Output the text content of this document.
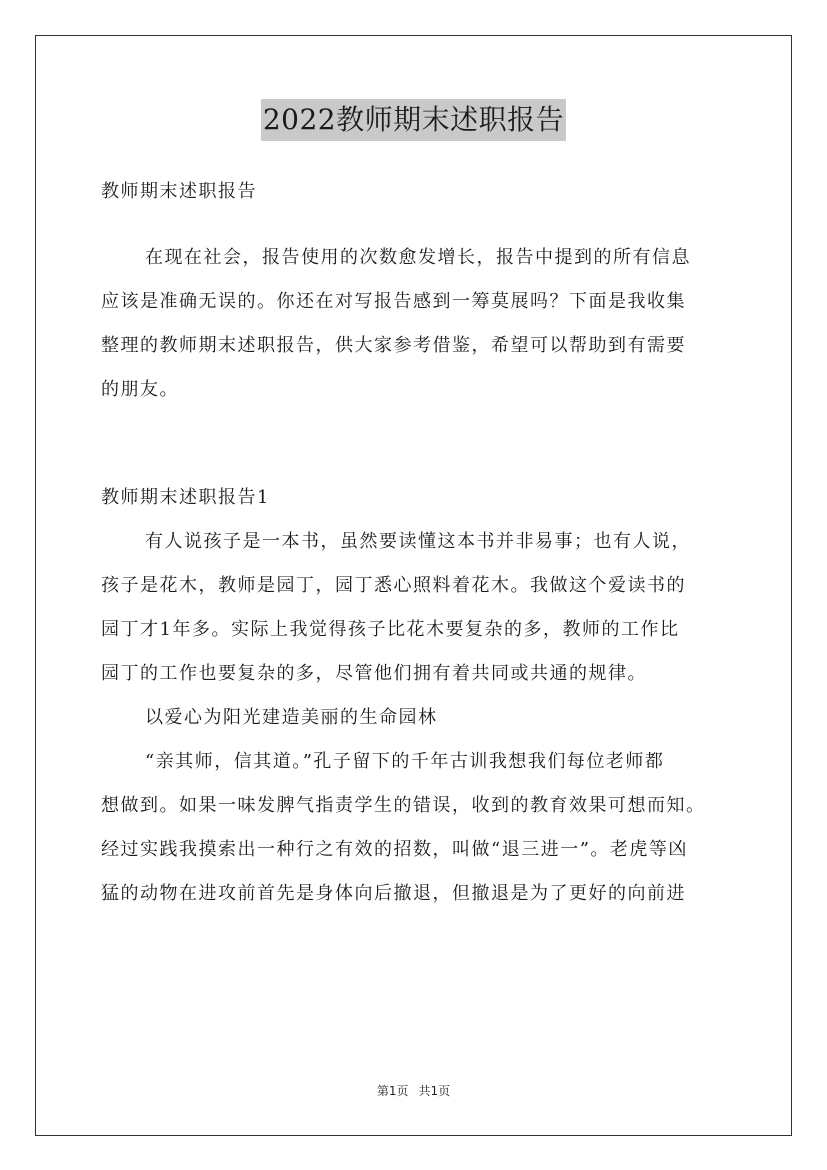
2022教师期末述职报告
教师期末述职报告
在现在社会，报告使用的次数愈发增长，报告中提到的所有信息
应该是准确无误的。你还在对写报告感到一筹莫展吗？下面是我收集
整理的教师期末述职报告，供大家参考借鉴，希望可以帮助到有需要
的朋友。
教师期末述职报告1
有人说孩子是一本书，虽然要读懂这本书并非易事；也有人说，
孩子是花木，教师是园丁，园丁悉心照料着花木。我做这个爱读书的
园丁才1年多。实际上我觉得孩子比花木要复杂的多，教师的工作比
园丁的工作也要复杂的多，尽管他们拥有着共同或共通的规律。
以爱心为阳光建造美丽的生命园林
“亲其师，信其道。”孔子留下的千年古训我想我们每位老师都
想做到。如果一味发脾气指责学生的错误，收到的教育效果可想而知。
经过实践我摸索出一种行之有效的招数，叫做“退三进一”。老虎等凶
猛的动物在进攻前首先是身体向后撤退，但撤退是为了更好的向前进
第1页 共1页
